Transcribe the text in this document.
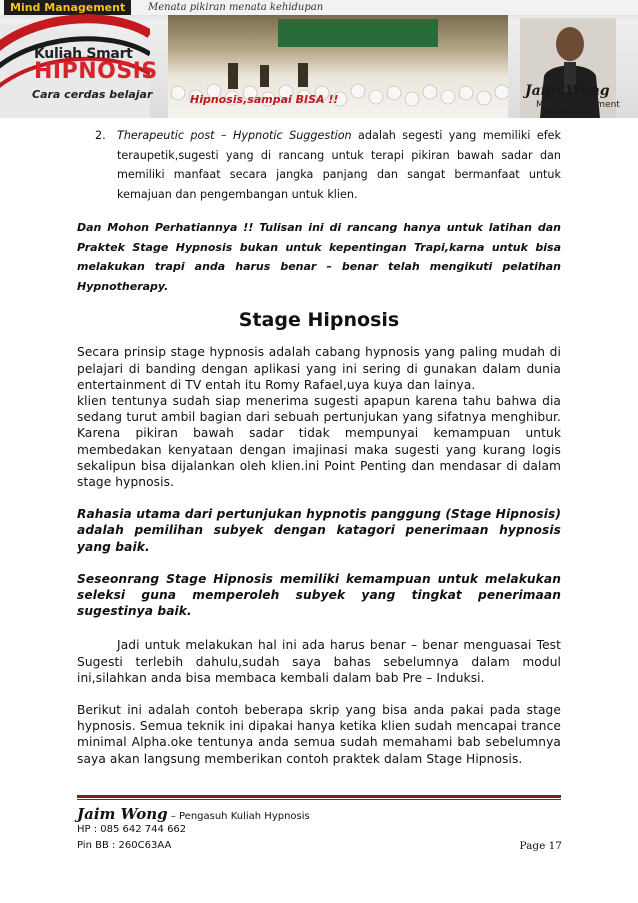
Mind Management	Menata pikiran menata kehidupan
Kuliah Smart
HIPNOSIS
Cara cerdas belajar	Hipnosis,sampai BISA !!
Jaim Wong
Mind Management
2. Therapeutic post – Hypnotic Suggestion adalah segesti yang memiliki efek teraupetik,sugesti yang di rancang untuk terapi pikiran bawah sadar dan memiliki manfaat secara jangka panjang dan sangat bermanfaat untuk kemajuan dan pengembangan untuk klien.
Dan Mohon Perhatiannya !! Tulisan ini di rancang hanya untuk latihan dan Praktek Stage Hypnosis bukan untuk kepentingan Trapi,karna untuk bisa melakukan trapi anda harus benar – benar telah mengikuti pelatihan Hypnotherapy.
Stage Hipnosis
Secara prinsip stage hypnosis adalah cabang hypnosis yang paling mudah di pelajari di banding dengan aplikasi yang ini sering di gunakan dalam dunia entertainment di TV entah itu Romy Rafael,uya kuya dan lainya.
klien tentunya sudah siap menerima sugesti apapun karena tahu bahwa dia sedang turut ambil bagian dari sebuah pertunjukan yang sifatnya menghibur. Karena pikiran bawah sadar tidak mempunyai kemampuan untuk membedakan kenyataan dengan imajinasi maka sugesti yang kurang logis sekalipun bisa dijalankan oleh klien.ini Point Penting dan mendasar di dalam stage hypnosis.
Rahasia utama dari pertunjukan hypnotis panggung (Stage Hipnosis) adalah pemilihan subyek dengan katagori penerimaan hypnosis yang baik.
Seseonrang Stage Hipnosis memiliki kemampuan untuk melakukan seleksi guna memperoleh subyek yang tingkat penerimaan sugestinya baik.
Jadi untuk melakukan hal ini ada harus benar – benar menguasai Test Sugesti terlebih dahulu,sudah saya bahas sebelumnya dalam modul ini,silahkan anda bisa membaca kembali dalam bab Pre – Induksi.
Berikut ini adalah contoh beberapa skrip yang bisa anda pakai pada stage hypnosis. Semua teknik ini dipakai hanya ketika klien sudah mencapai trance minimal Alpha.oke tentunya anda semua sudah memahami bab sebelumnya saya akan langsung memberikan contoh praktek dalam Stage Hipnosis.
Jaim Wong – Pengasuh Kuliah Hypnosis
HP : 085 642 744 662
Pin BB : 260C63AA	Page 17
